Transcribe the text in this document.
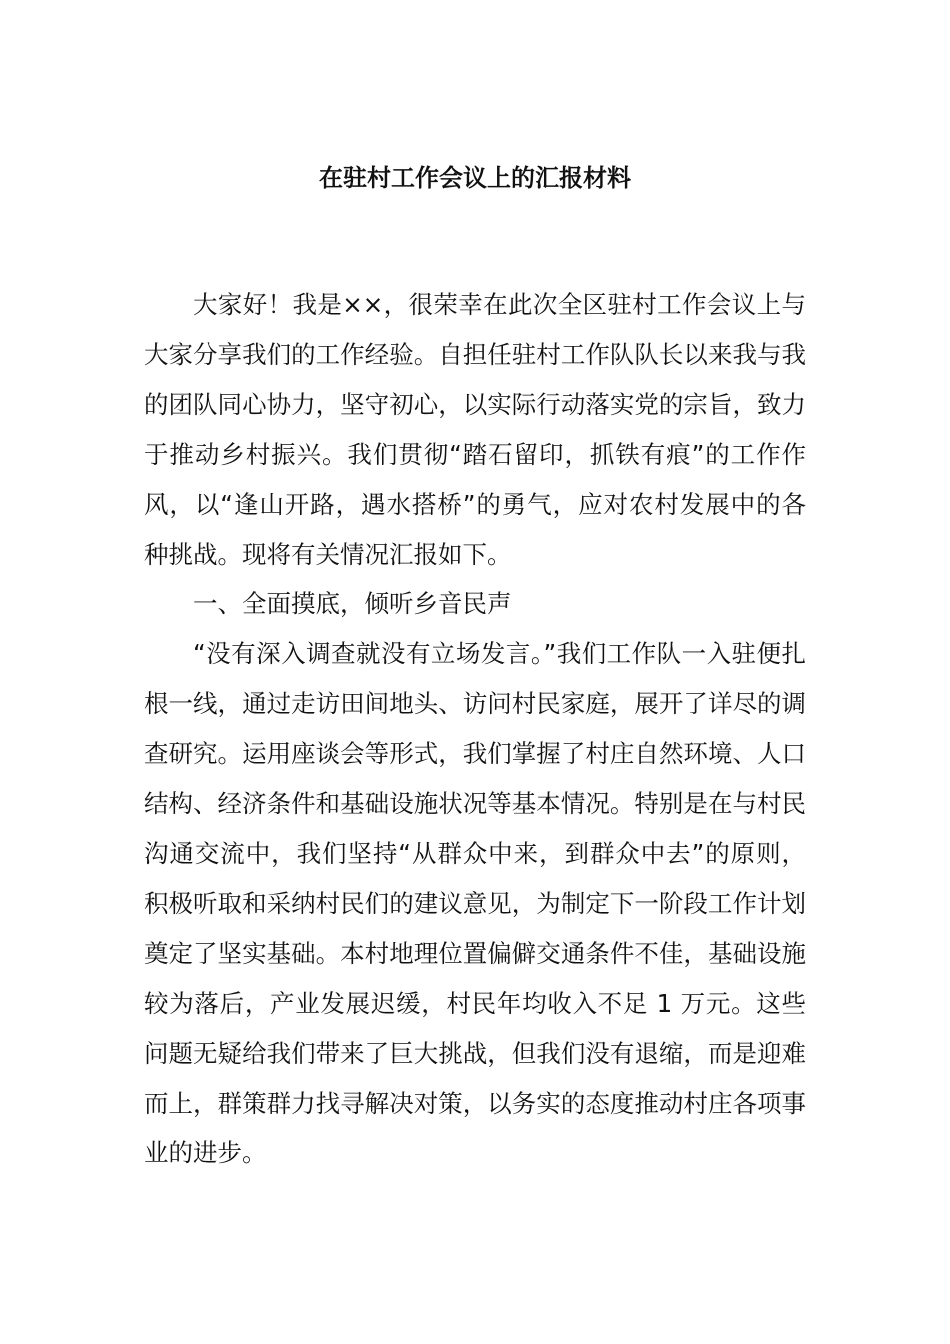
在驻村工作会议上的汇报材料

大家好！我是××，很荣幸在此次全区驻村工作会议上与大家分享我们的工作经验。自担任驻村工作队队长以来我与我的团队同心协力，坚守初心，以实际行动落实党的宗旨，致力于推动乡村振兴。我们贯彻“踏石留印，抓铁有痕”的工作作风，以“逢山开路，遇水搭桥”的勇气，应对农村发展中的各种挑战。现将有关情况汇报如下。

一、全面摸底，倾听乡音民声

“没有深入调查就没有立场发言。”我们工作队一入驻便扎根一线，通过走访田间地头、访问村民家庭，展开了详尽的调查研究。运用座谈会等形式，我们掌握了村庄自然环境、人口结构、经济条件和基础设施状况等基本情况。特别是在与村民沟通交流中，我们坚持“从群众中来，到群众中去”的原则，积极听取和采纳村民们的建议意见，为制定下一阶段工作计划奠定了坚实基础。本村地理位置偏僻交通条件不佳，基础设施较为落后，产业发展迟缓，村民年均收入不足 1 万元。这些问题无疑给我们带来了巨大挑战，但我们没有退缩，而是迎难而上，群策群力找寻解决对策，以务实的态度推动村庄各项事业的进步。
